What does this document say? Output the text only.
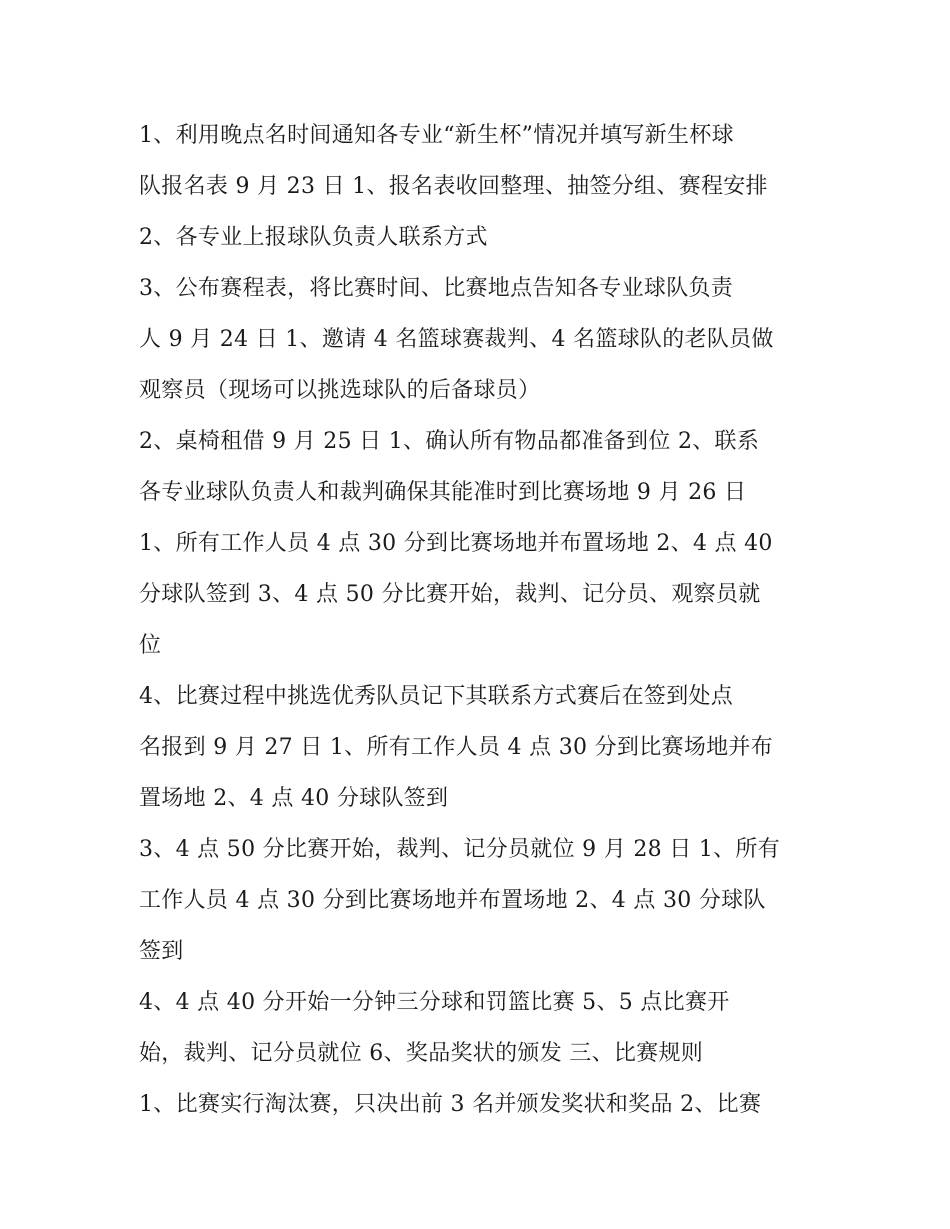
1、利用晚点名时间通知各专业“新生杯”情况并填写新生杯球
队报名表 9 月 23 日 1、报名表收回整理、抽签分组、赛程安排
2、各专业上报球队负责人联系方式
3、公布赛程表，将比赛时间、比赛地点告知各专业球队负责
人 9 月 24 日 1、邀请 4 名篮球赛裁判、4 名篮球队的老队员做
观察员（现场可以挑选球队的后备球员）
2、桌椅租借 9 月 25 日 1、确认所有物品都准备到位 2、联系
各专业球队负责人和裁判确保其能准时到比赛场地 9 月 26 日
1、所有工作人员 4 点 30 分到比赛场地并布置场地 2、4 点 40
分球队签到 3、4 点 50 分比赛开始，裁判、记分员、观察员就
位
4、比赛过程中挑选优秀队员记下其联系方式赛后在签到处点
名报到 9 月 27 日 1、所有工作人员 4 点 30 分到比赛场地并布
置场地 2、4 点 40 分球队签到
3、4 点 50 分比赛开始，裁判、记分员就位 9 月 28 日 1、所有
工作人员 4 点 30 分到比赛场地并布置场地 2、4 点 30 分球队
签到
4、4 点 40 分开始一分钟三分球和罚篮比赛 5、5 点比赛开
始，裁判、记分员就位 6、奖品奖状的颁发 三、比赛规则
1、比赛实行淘汰赛，只决出前 3 名并颁发奖状和奖品 2、比赛
